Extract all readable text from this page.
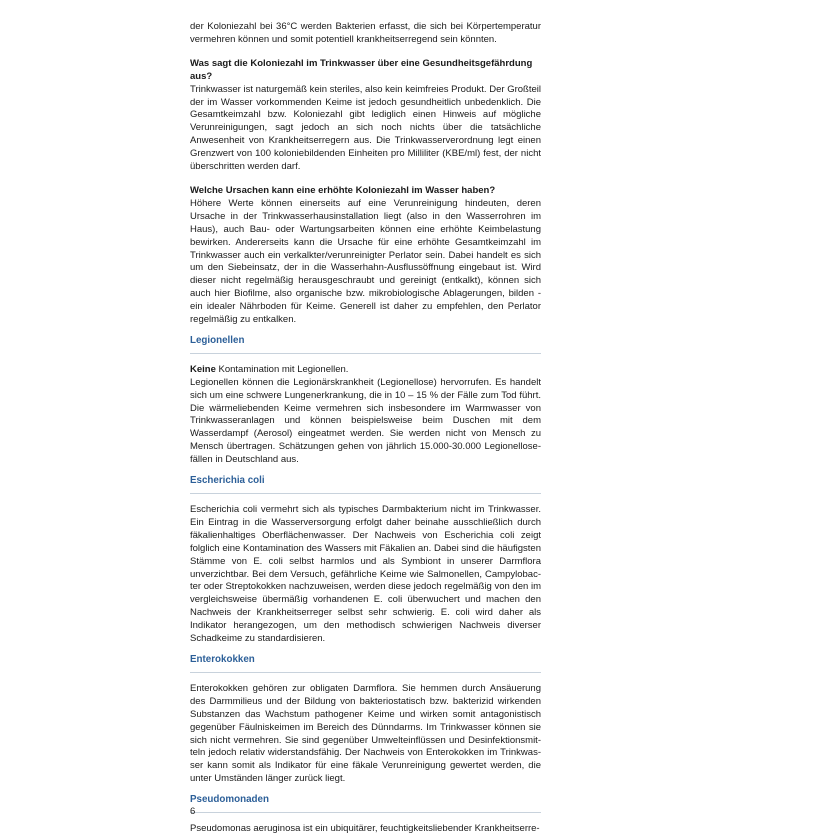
der Koloniezahl bei 36°C werden Bakterien erfasst, die sich bei Körpertemperatur vermehren können und somit potentiell krankheitserregend sein könnten.

Was sagt die Koloniezahl im Trinkwasser über eine Gesundheitsgefährdung aus?

Trinkwasser ist naturgemäß kein steriles, also kein keimfreies Produkt. Der Großteil der im Wasser vorkommenden Keime ist jedoch gesundheitlich unbedenklich. Die Gesamtkeimzahl bzw. Koloniezahl gibt lediglich einen Hinweis auf mögliche Verunreinigungen, sagt jedoch an sich noch nichts über die tatsächliche Anwesenheit von Krankheitserregern aus. Die Trinkwasserverordnung legt einen Grenzwert von 100 koloniebildenden Einheiten pro Milliliter (KBE/ml) fest, der nicht überschritten werden darf.

Welche Ursachen kann eine erhöhte Koloniezahl im Wasser haben?

Höhere Werte können einerseits auf eine Verunreinigung hindeuten, deren Ursache in der Trinkwasserhausinstallation liegt (also in den Wasserrohren im Haus), auch Bau- oder Wartungsarbeiten können eine erhöhte Keimbelastung bewirken. Andererseits kann die Ursache für eine erhöhte Gesamtkeimzahl im Trinkwasser auch ein verkalkter/verunreinigter Perlator sein. Dabei handelt es sich um den Siebeinsatz, der in die Wasserhahn-Ausflussöffnung eingebaut ist. Wird dieser nicht regelmäßig herausgeschraubt und gereinigt (entkalkt), können sich auch hier Biofilme, also organische bzw. mikrobiologische Ablagerungen, bilden - ein idealer Nährboden für Keime. Generell ist daher zu empfehlen, den Perlator regelmäßig zu entkalken.

Legionellen

Keine Kontamination mit Legionellen.

Legionellen können die Legionärskrankheit (Legionellose) hervorrufen. Es handelt sich um eine schwere Lungenerkrankung, die in 10 – 15 % der Fälle zum Tod führt. Die wärmeliebenden Keime vermehren sich insbesondere im Warmwasser von Trinkwasseranlagen und können beispielsweise beim Duschen mit dem Wasserdampf (Aerosol) eingeatmet werden. Sie werden nicht von Mensch zu Mensch übertragen. Schätzungen gehen von jährlich 15.000-30.000 Legionellosefällen in Deutschland aus.

Escherichia coli

Escherichia coli vermehrt sich als typisches Darmbakterium nicht im Trinkwasser. Ein Eintrag in die Wasserversorgung erfolgt daher beinahe ausschließlich durch fäkalienhaltiges Oberflächenwasser. Der Nachweis von Escherichia coli zeigt folglich eine Kontamination des Wassers mit Fäkalien an. Dabei sind die häufigsten Stämme von E. coli selbst harmlos und als Symbiont in unserer Darmflora unverzichtbar. Bei dem Versuch, gefährliche Keime wie Salmonellen, Campylobacter oder Streptokokken nachzuweisen, werden diese jedoch regelmäßig von den im vergleichsweise übermäßig vorhandenen E. coli überwuchert und machen den Nachweis der Krankheitserreger selbst sehr schwierig. E. coli wird daher als Indikator herangezogen, um den methodisch schwierigen Nachweis diverser Schadkeime zu standardisieren.

Enterokokken

Enterokokken gehören zur obligaten Darmflora. Sie hemmen durch Ansäuerung des Darmmilieus und der Bildung von bakteriostatisch bzw. bakterizid wirkenden Substanzen das Wachstum pathogener Keime und wirken somit antagonistisch gegenüber Fäulniskeimen im Bereich des Dünndarms. Im Trinkwasser können sie sich nicht vermehren. Sie sind gegenüber Umwelteinflüssen und Desinfektionsmitteln jedoch relativ widerstandsfähig. Der Nachweis von Enterokokken im Trinkwasser kann somit als Indikator für eine fäkale Verunreinigung gewertet werden, die unter Umständen länger zurück liegt.

Pseudomonaden

Pseudomonas aeruginosa ist ein ubiquitärer, feuchtigkeitsliebender Krankheitserre-

6
